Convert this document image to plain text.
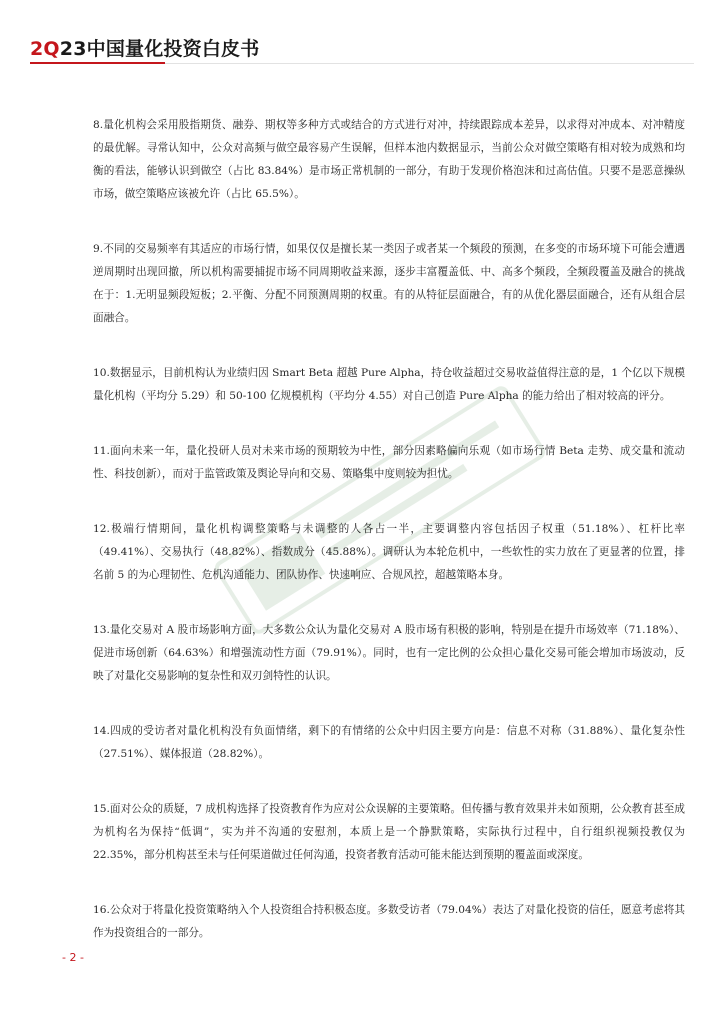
2Q23中国量化投资白皮书

8.量化机构会采用股指期货、融券、期权等多种方式或结合的方式进行对冲，持续跟踪成本差异，以求得对冲成本、对冲精度的最优解。寻常认知中，公众对高频与做空最容易产生误解，但样本池内数据显示，当前公众对做空策略有相对较为成熟和均衡的看法，能够认识到做空（占比 83.84%）是市场正常机制的一部分，有助于发现价格泡沫和过高估值。只要不是恶意操纵市场，做空策略应该被允许（占比 65.5%）。

9.不同的交易频率有其适应的市场行情，如果仅仅是擅长某一类因子或者某一个频段的预测，在多变的市场环境下可能会遭遇逆周期时出现回撤，所以机构需要捕捉市场不同周期收益来源，逐步丰富覆盖低、中、高多个频段，全频段覆盖及融合的挑战在于：1.无明显频段短板；2.平衡、分配不同预测周期的权重。有的从特征层面融合，有的从优化器层面融合，还有从组合层面融合。

10.数据显示，目前机构认为业绩归因 Smart Beta 超越 Pure Alpha，持仓收益超过交易收益值得注意的是，1 个亿以下规模量化机构（平均分 5.29）和 50-100 亿规模机构（平均分 4.55）对自己创造 Pure Alpha 的能力给出了相对较高的评分。

11.面向未来一年，量化投研人员对未来市场的预期较为中性，部分因素略偏向乐观（如市场行情 Beta 走势、成交量和流动性、科技创新），而对于监管政策及舆论导向和交易、策略集中度则较为担忧。

12.极端行情期间，量化机构调整策略与未调整的人各占一半，主要调整内容包括因子权重（51.18%）、杠杆比率（49.41%）、交易执行（48.82%）、指数成分（45.88%）。调研认为本轮危机中，一些软性的实力放在了更显著的位置，排名前 5 的为心理韧性、危机沟通能力、团队协作、快速响应、合规风控，超越策略本身。

13.量化交易对 A 股市场影响方面，大多数公众认为量化交易对 A 股市场有积极的影响，特别是在提升市场效率（71.18%）、促进市场创新（64.63%）和增强流动性方面（79.91%）。同时，也有一定比例的公众担心量化交易可能会增加市场波动，反映了对量化交易影响的复杂性和双刃剑特性的认识。

14.四成的受访者对量化机构没有负面情绪，剩下的有情绪的公众中归因主要方向是：信息不对称（31.88%）、量化复杂性（27.51%）、媒体报道（28.82%）。

15.面对公众的质疑，7 成机构选择了投资教育作为应对公众误解的主要策略。但传播与教育效果并未如预期，公众教育甚至成为机构名为保持“低调”，实为并不沟通的安慰剂，本质上是一个静默策略，实际执行过程中，自行组织视频投教仅为 22.35%，部分机构甚至未与任何渠道做过任何沟通，投资者教育活动可能未能达到预期的覆盖面或深度。

16.公众对于将量化投资策略纳入个人投资组合持积极态度。多数受访者（79.04%）表达了对量化投资的信任，愿意考虑将其作为投资组合的一部分。

- 2 -
